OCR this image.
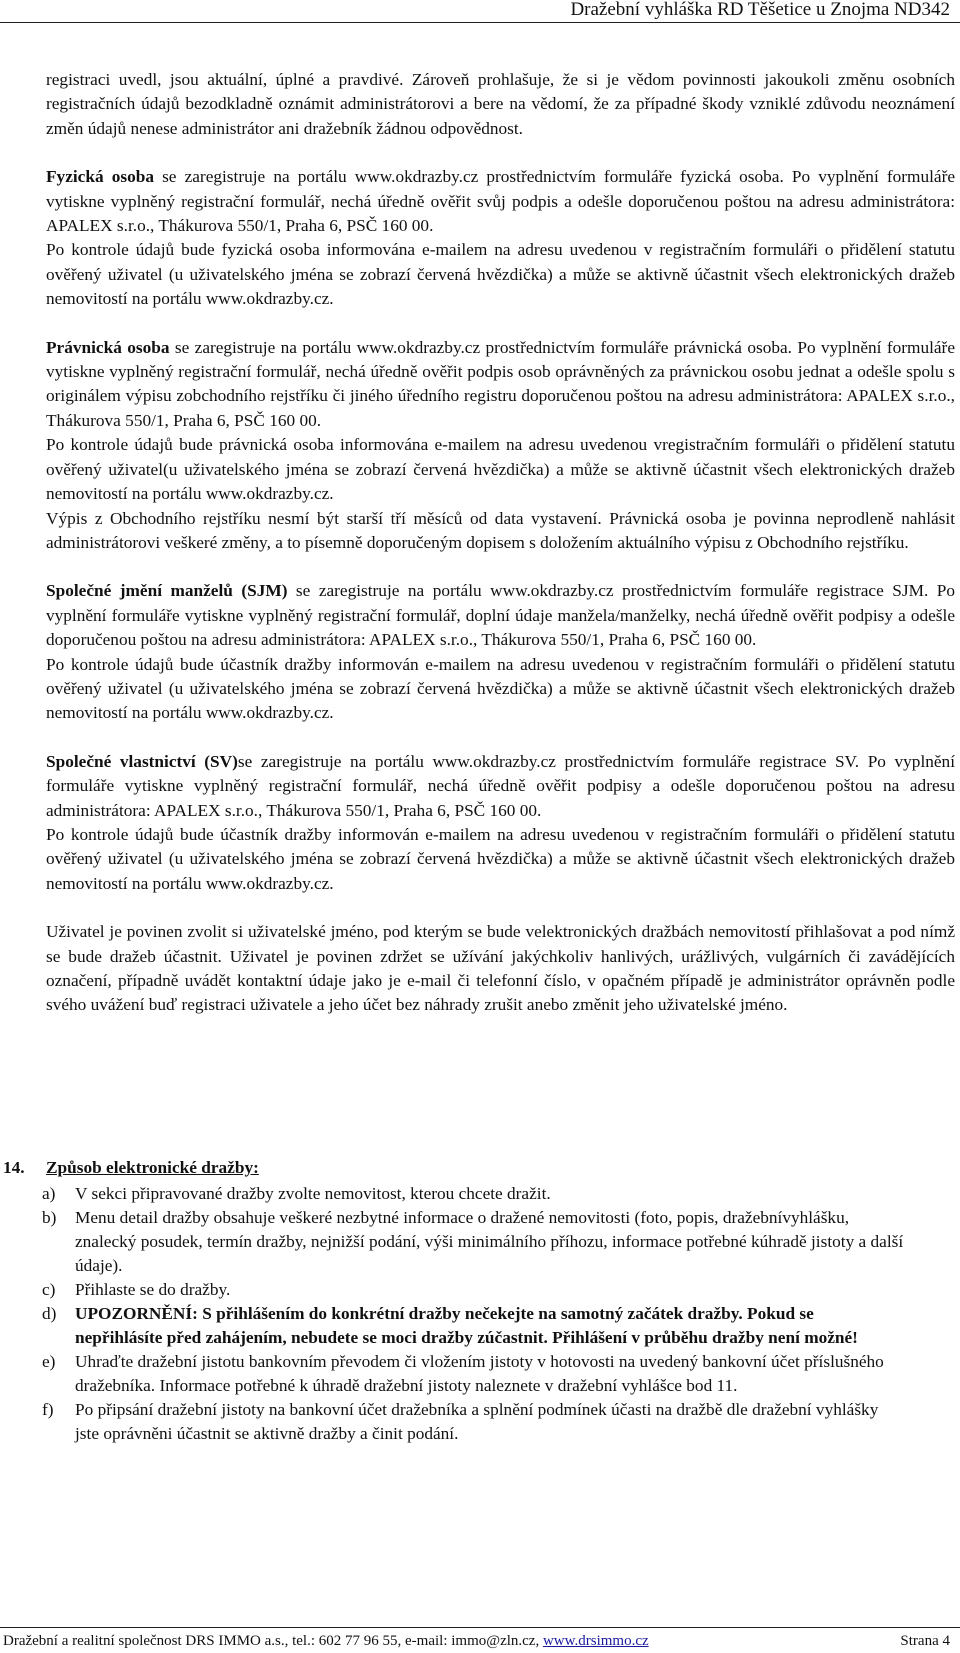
Dražební vyhláška RD Těšetice u Znojma ND342

registraci uvedl, jsou aktuální, úplné a pravdivé. Zároveň prohlašuje, že si je vědom povinnosti jakoukoli změnu osobních registračních údajů bezodkladně oznámit administrátorovi a bere na vědomí, že za případné škody vzniklé zdůvodu neoznámení změn údajů nenese administrátor ani dražebník žádnou odpovědnost.

Fyzická osoba se zaregistruje na portálu www.okdrazby.cz prostřednictvím formuláře fyzická osoba. Po vyplnění formuláře vytiskne vyplněný registrační formulář, nechá úředně ověřit svůj podpis a odešle doporučenou poštou na adresu administrátora: APALEX s.r.o., Thákurova 550/1, Praha 6, PSČ 160 00.

Po kontrole údajů bude fyzická osoba informována e-mailem na adresu uvedenou v registračním formuláři o přidělení statutu ověřený uživatel (u uživatelského jména se zobrazí červená hvězdička) a může se aktivně účastnit všech elektronických dražeb nemovitostí na portálu www.okdrazby.cz.

Právnická osoba se zaregistruje na portálu www.okdrazby.cz prostřednictvím formuláře právnická osoba. Po vyplnění formuláře vytiskne vyplněný registrační formulář, nechá úředně ověřit podpis osob oprávněných za právnickou osobu jednat a odešle spolu s originálem výpisu zobchodního rejstříku či jiného úředního registru doporučenou poštou na adresu administrátora: APALEX s.r.o., Thákurova 550/1, Praha 6, PSČ 160 00.

Po kontrole údajů bude právnická osoba informována e-mailem na adresu uvedenou vregistračním formuláři o přidělení statutu ověřený uživatel(u uživatelského jména se zobrazí červená hvězdička) a může se aktivně účastnit všech elektronických dražeb nemovitostí na portálu www.okdrazby.cz.

Výpis z Obchodního rejstříku nesmí být starší tří měsíců od data vystavení. Právnická osoba je povinna neprodleně nahlásit administrátorovi veškeré změny, a to písemně doporučeným dopisem s doložením aktuálního výpisu z Obchodního rejstříku.

Společné jmění manželů (SJM) se zaregistruje na portálu www.okdrazby.cz prostřednictvím formuláře registrace SJM. Po vyplnění formuláře vytiskne vyplněný registrační formulář, doplní údaje manžela/manželky, nechá úředně ověřit podpisy a odešle doporučenou poštou na adresu administrátora: APALEX s.r.o., Thákurova 550/1, Praha 6, PSČ 160 00.

Po kontrole údajů bude účastník dražby informován e-mailem na adresu uvedenou v registračním formuláři o přidělení statutu ověřený uživatel (u uživatelského jména se zobrazí červená hvězdička) a může se aktivně účastnit všech elektronických dražeb nemovitostí na portálu www.okdrazby.cz.

Společné vlastnictví (SV)se zaregistruje na portálu www.okdrazby.cz prostřednictvím formuláře registrace SV. Po vyplnění formuláře vytiskne vyplněný registrační formulář, nechá úředně ověřit podpisy a odešle doporučenou poštou na adresu administrátora: APALEX s.r.o., Thákurova 550/1, Praha 6, PSČ 160 00.

Po kontrole údajů bude účastník dražby informován e-mailem na adresu uvedenou v registračním formuláři o přidělení statutu ověřený uživatel (u uživatelského jména se zobrazí červená hvězdička) a může se aktivně účastnit všech elektronických dražeb nemovitostí na portálu www.okdrazby.cz.

Uživatel je povinen zvolit si uživatelské jméno, pod kterým se bude velektronických dražbách nemovitostí přihlašovat a pod nímž se bude dražeb účastnit. Uživatel je povinen zdržet se užívání jakýchkoliv hanlivých, urážlivých, vulgárních či zavádějících označení, případně uvádět kontaktní údaje jako je e-mail či telefonní číslo, v opačném případě je administrátor oprávněn podle svého uvážení buď registraci uživatele a jeho účet bez náhrady zrušit anebo změnit jeho uživatelské jméno.

14. Způsob elektronické dražby:
a) V sekci připravované dražby zvolte nemovitost, kterou chcete dražit.
b) Menu detail dražby obsahuje veškeré nezbytné informace o dražené nemovitosti (foto, popis, dražebnívyhlášku, znalecký posudek, termín dražby, nejnižší podání, výši minimálního příhozu, informace potřebné kúhradě jistoty a další údaje).
c) Přihlaste se do dražby.
d) UPOZORNĚNÍ: S přihlášením do konkrétní dražby nečekejte na samotný začátek dražby. Pokud se nepřihlásíte před zahájením, nebudete se moci dražby zúčastnit. Přihlášení v průběhu dražby není možné!
e) Uhraďte dražební jistotu bankovním převodem či vložením jistoty v hotovosti na uvedený bankovní účet příslušného dražebníka. Informace potřebné k úhradě dražební jistoty naleznete v dražební vyhlášce bod 11.
f) Po připsání dražební jistoty na bankovní účet dražebníka a splnění podmínek účasti na dražbě dle dražební vyhlášky jste oprávněni účastnit se aktivně dražby a činit podání.
Dražební a realitní společnost DRS IMMO a.s., tel.: 602 77 96 55, e-mail: immo@zln.cz, www.drsimmo.cz	Strana 4
